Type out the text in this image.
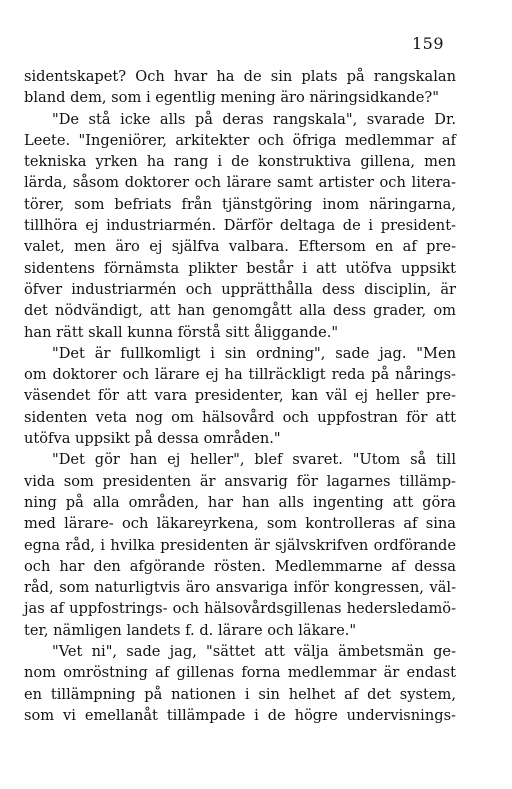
159
sidentskapet? Och hvar ha de sin plats på rangskalan
bland dem, som i egentlig mening äro näringsidkande?"
"De stå icke alls på deras rangskala", svarade Dr.
Leete. "Ingeniörer, arkitekter och öfriga medlemmar af
tekniska yrken ha rang i de konstruktiva gillena, men
lärda, såsom doktorer och lärare samt artister och litera-
törer, som befriats från tjänstgöring inom näringarna,
tillhöra ej industriarmén. Därför deltaga de i president-
valet, men äro ej själfva valbara. Eftersom en af pre-
sidentens förnämsta plikter består i att utöfva uppsikt
öfver industriarmén och upprätthålla dess disciplin, är
det nödvändigt, att han genomgått alla dess grader, om
han rätt skall kunna förstå sitt åliggande."
"Det är fullkomligt i sin ordning", sade jag. "Men
om doktorer och lärare ej ha tillräckligt reda på nårings-
väsendet för att vara presidenter, kan väl ej heller pre-
sidenten veta nog om hälsovård och uppfostran för att
utöfva uppsikt på dessa områden."
"Det gör han ej heller", blef svaret. "Utom så till
vida som presidenten är ansvarig för lagarnes tillämp-
ning på alla områden, har han alls ingenting att göra
med lärare- och läkareyrkena, som kontrolleras af sina
egna råd, i hvilka presidenten är självskrifven ordförande
och har den afgörande rösten. Medlemmarne af dessa
råd, som naturligtvis äro ansvariga inför kongressen, väl-
jas af uppfostrings- och hälsovårdsgillenas hedersledamö-
ter, nämligen landets f. d. lärare och läkare."
"Vet ni", sade jag, "sättet att välja ämbetsmän ge-
nom omröstning af gillenas forna medlemmar är endast
en tillämpning på nationen i sin helhet af det system,
som vi emellanåt tillämpade i de högre undervisnings-
